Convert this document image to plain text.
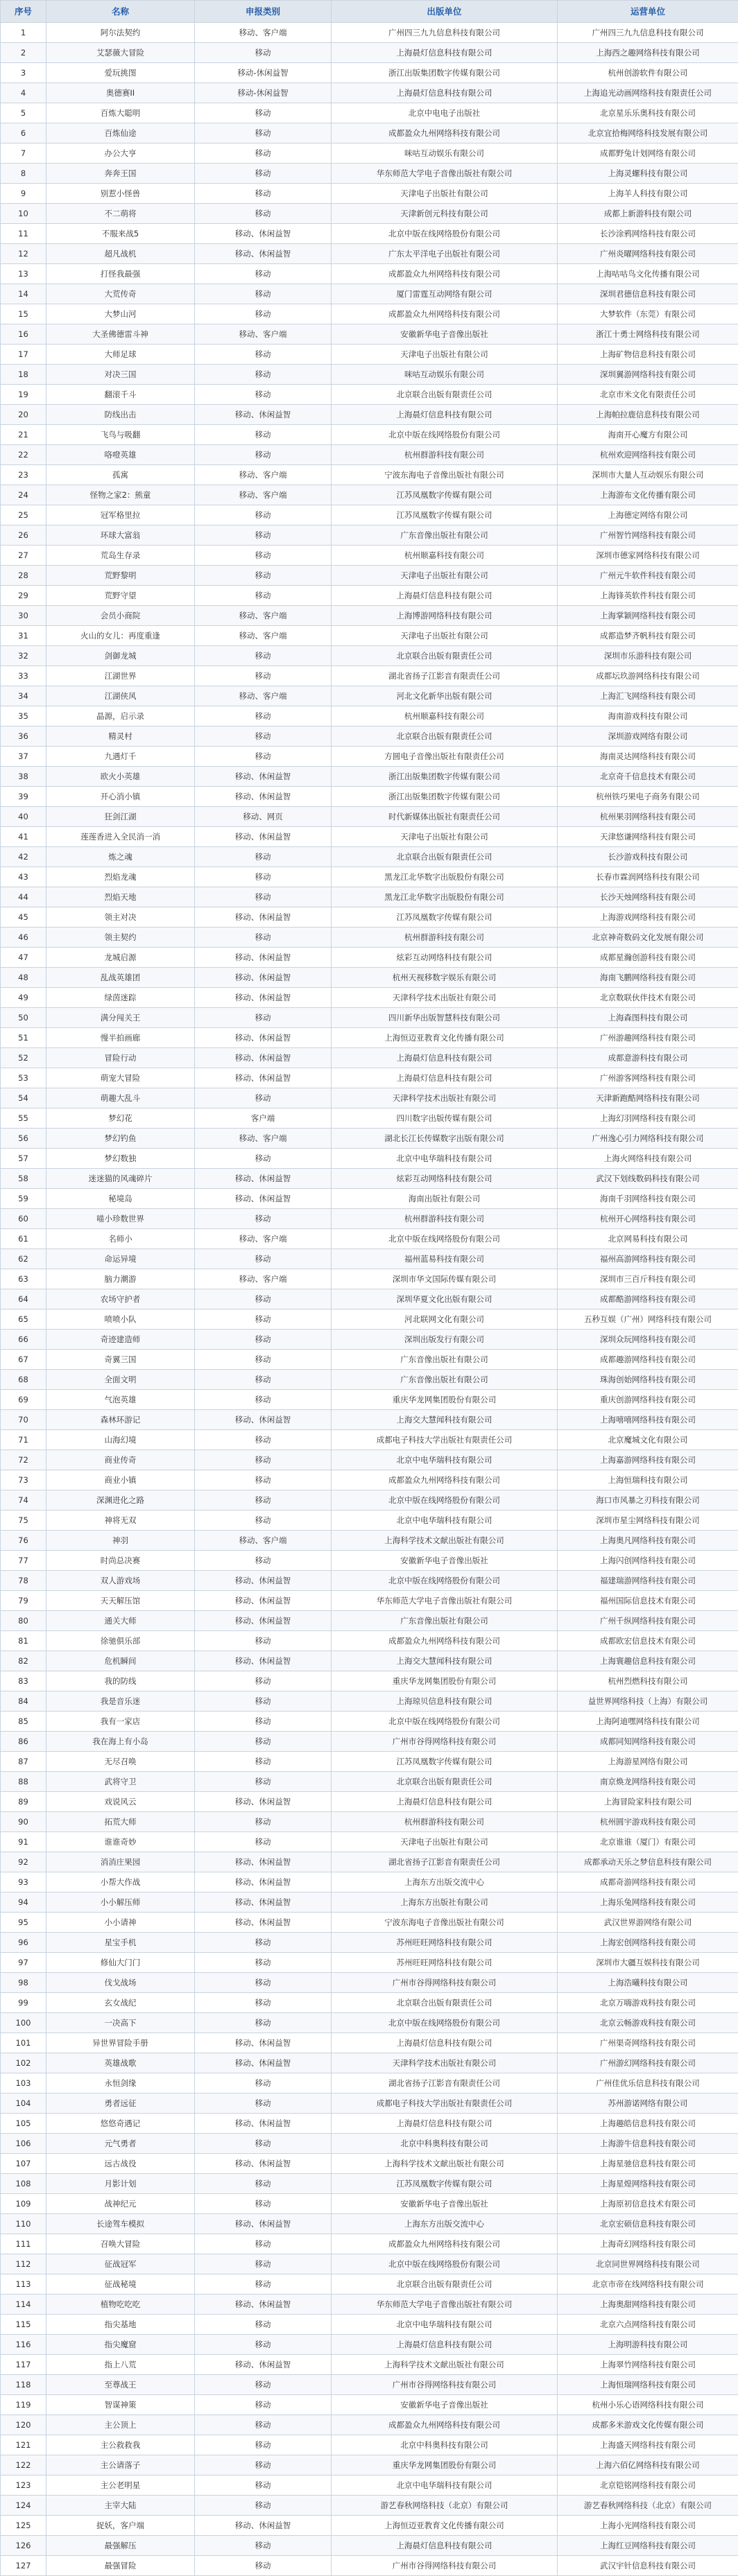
序号	名称	申报类别	出版单位	运营单位
1	阿尔法契约	移动、客户端	广州四三九九信息科技有限公司	广州四三九九信息科技有限公司
2	艾瑟薇大冒险	移动	上海晨灯信息科技有限公司	上海西之趣网络科技有限公司
3	爱玩挑图	移动-休闲益智	浙江出版集团数字传媒有限公司	杭州创游软件有限公司
4	奥德赛II	移动-休闲益智	上海晨灯信息科技有限公司	上海追光动画网络科技有限责任公司
5	百炼大聪明	移动	北京中电电子出版社	北京星乐乐奥科技有限公司
6	百炼仙途	移动	成都盈众九州网络科技有限公司	北京宜拾梅网络科技发展有限公司
7	办公大亨	移动	咪咕互动娱乐有限公司	成都野兔计划网络有限公司
8	奔奔王国	移动	华东师范大学电子音像出版社有限公司	上海灵螺科技有限公司
9	别惹小怪兽	移动	天津电子出版社有限公司	上海羊人科技有限公司
10	不二萌将	移动	天津新创元科技有限公司	成都上新游科技有限公司
11	不服来战5	移动、休闲益智	北京中版在线网络股份有限公司	长沙涂鸦网络科技有限公司
12	超凡战机	移动、休闲益智	广东太平洋电子出版社有限公司	广州炎曜网络科技有限公司
13	打怪我最强	移动	成都盈众九州网络科技有限公司	上海咕咕鸟文化传播有限公司
14	大荒传奇	移动	厦门雷霆互动网络有限公司	深圳君德信息科技有限公司
15	大梦山河	移动	成都盈众九州网络科技有限公司	大梦软件（东莞）有限公司
16	大圣佛德雷斗神	移动、客户端	安徽新华电子音像出版社	浙江十勇士网络科技有限公司
17	大师足球	移动	天津电子出版社有限公司	上海矿物信息科技有限公司
18	对决三国	移动	咪咕互动娱乐有限公司	深圳翼游网络科技有限公司
19	翻滚千斗	移动	北京联合出版有限责任公司	北京市米文化有限责任公司
20	防线出击	移动、休闲益智	上海晨灯信息科技有限公司	上海帕拉鹿信息科技有限公司
21	飞鸟与吸翻	移动	北京中版在线网络股份有限公司	海南开心魔方有限公司
22	咯噔英雄	移动	杭州群游科技有限公司	杭州欢迎网络科技有限公司
23	孤寓	移动、客户端	宁波东海电子音像出版社有限公司	深圳市大量人互动娱乐有限公司
24	怪物之家2：熊童	移动、客户端	江苏凤凰数字传媒有限公司	上海游布文化传播有限公司
25	冠军格里拉	移动	江苏凤凰数字传媒有限公司	上海德定网络有限公司
26	环球大富翁	移动	广东音像出版社有限公司	广州智竹网络科技有限公司
27	荒岛生存录	移动	杭州顺嘉科技有限公司	深圳市德家网络科技有限公司
28	荒野黎明	移动	天津电子出版社有限公司	广州元牛软件科技有限公司
29	荒野守望	移动	上海晨灯信息科技有限公司	上海锋英软件科技有限公司
30	会员小商院	移动、客户端	上海博游网络科技有限公司	上海掌颖网络科技有限公司
31	火山的女儿：再度重逢	移动、客户端	天津电子出版社有限公司	成都造梦齐帆科技有限公司
32	剑御龙城	移动	北京联合出版有限责任公司	深圳市乐游科技有限公司
33	江湖世界	移动	湖北省扬子江影音有限责任公司	成都坛玖游网络科技有限公司
34	江湖侠风	移动、客户端	河北文化新华出版有限公司	上海汇飞网络科技有限公司
35	晶源，启示录	移动	杭州顺嘉科技有限公司	海南游戏科技有限公司
36	精灵村	移动	北京联合出版有限责任公司	深圳游戏网络有限公司
37	九遇灯千	移动	方圆电子音像出版社有限责任公司	海南灵达网络科技有限公司
38	欧火小英雄	移动、休闲益智	浙江出版集团数字传媒有限公司	北京奇千信息技术有限公司
39	开心消小镇	移动、休闲益智	浙江出版集团数字传媒有限公司	杭州铁巧果电子商务有限公司
40	狂剑江湖	移动、网页	时代新媒体出版社有限责任公司	杭州果羽网络科技有限公司
41	莲莲香进入全民消一消	移动、休闲益智	天津电子出版社有限公司	天津悠谦网络科技有限公司
42	炼之魂	移动	北京联合出版有限责任公司	长沙游戏科技有限公司
43	烈焰龙魂	移动	黑龙江北华数字出版股份有限公司	长春市霖润网络科技有限公司
44	烈焰天地	移动	黑龙江北华数字出版股份有限公司	长沙天烛网络科技有限公司
45	领主对决	移动、休闲益智	江苏凤凰数字传媒有限公司	上海游戏网络科技有限公司
46	领主契约	移动	杭州群游科技有限公司	北京神奇数码文化发展有限公司
47	龙城启源	移动、休闲益智	炫彩互动网络科技有限公司	成都星瀚创游科技有限公司
48	乱战英雄团	移动、休闲益智	杭州天视移数字娱乐有限公司	海南飞鹏网络科技有限公司
49	绿茵迷踪	移动、休闲益智	天津科学技术出版社有限公司	北京数联伙伴技术有限公司
50	满分闯关王	移动	四川新华出版智慧科技有限公司	上海森图科技有限公司
51	慢半拍画廊	移动、休闲益智	上海恒迈亚教育文化传播有限公司	广州游趣网络科技有限公司
52	冒险行动	移动、休闲益智	上海晨灯信息科技有限公司	成都意游科技有限公司
53	萌宠大冒险	移动、休闲益智	上海晨灯信息科技有限公司	广州游客网络科技有限公司
54	萌趣大乱斗	移动	天津科学技术出版社有限公司	天津新跑酷网络科技有限公司
55	梦幻花	客户端	四川数字出版传媒有限公司	上海幻羽网络科技有限公司
56	梦幻钓鱼	移动、客户端	湖北长江长传媒数字出版有限公司	广州逸心引力网络科技有限公司
57	梦幻数独	移动	北京中电华瑞科技有限公司	上海火网络科技有限公司
58	迷迷猫的风魂碎片	移动、休闲益智	炫彩互动网络科技有限公司	武汉下划线数码科技有限公司
59	秘境岛	移动、休闲益智	海南出版社有限公司	海南千羽网络科技有限公司
60	喵小珍数世界	移动	杭州群游科技有限公司	杭州开心网络科技有限公司
61	名师小	移动、客户端	北京中版在线网络股份有限公司	北京网易科技有限公司
62	命运异境	移动	福州蓝易科技有限公司	福州高游网络科技有限公司
63	脑力潮游	移动、客户端	深圳市华文国际传媒有限公司	深圳市三百斤科技有限公司
64	农场守护者	移动	深圳华夏文化出版有限公司	成都酷游网络科技有限公司
65	喷喷小队	移动	河北联网文化有限公司	五秒互娱（广州）网络科技有限公司
66	奇迹建造师	移动	深圳出版发行有限公司	深圳众玩网络科技有限公司
67	奇翼三国	移动	广东音像出版社有限公司	成都趣游网络科技有限公司
68	全面文明	移动	广东音像出版社有限公司	珠海创始网络科技有限公司
69	气泡英雄	移动	重庆华龙网集团股份有限公司	重庆创游网络科技有限公司
70	森林环游记	移动、休闲益智	上海交大慧闻科技有限公司	上海嘻嘻网络科技有限公司
71	山海幻境	移动	成都电子科技大学出版社有限责任公司	北京魔城文化有限公司
72	商业传奇	移动	北京中电华瑞科技有限公司	上海嘉游网络科技有限公司
73	商业小镇	移动	成都盈众九州网络科技有限公司	上海恒瑞科技有限公司
74	深渊进化之路	移动	北京中版在线网络股份有限公司	海口市风暴之刃科技有限公司
75	神将无双	移动	北京中电华瑞科技有限公司	深圳市星尘网络科技有限公司
76	神羽	移动、客户端	上海科学技术文献出版社有限公司	上海奥凡网络科技有限公司
77	时尚总决赛	移动	安徽新华电子音像出版社	上海闪创网络科技有限公司
78	双人游戏场	移动、休闲益智	北京中版在线网络股份有限公司	福建瑞游网络科技有限公司
79	天天解压馆	移动、休闲益智	华东师范大学电子音像出版社有限公司	福州国际信息技术有限公司
80	通关大师	移动、休闲益智	广东音像出版社有限公司	广州千纵网络科技有限公司
81	徐驰俱乐部	移动	成都盈众九州网络科技有限公司	成都欧宏信息技术有限公司
82	危机瞬间	移动、休闲益智	上海交大慧闻科技有限公司	上海寰趣信息科技有限公司
83	我的防线	移动	重庆华龙网集团股份有限公司	杭州烈燃科技有限公司
84	我是音乐迷	移动	上海琼贝信息科技有限公司	益世界网络科技（上海）有限公司
85	我有一家店	移动	北京中版在线网络股份有限公司	上海阿迪嘿网络科技有限公司
86	我在海上有小岛	移动	广州市谷得网络科技有限公司	成都同知网络科技有限公司
87	无尽召唤	移动	江苏凤凰数字传媒有限公司	上海游星网络有限公司
88	武将守卫	移动	北京联合出版有限责任公司	南京焕龙网络科技有限公司
89	戏说风云	移动、休闲益智	上海晨灯信息科技有限公司	上海冒险家科技有限公司
90	拓荒大师	移动	杭州群游科技有限公司	杭州圆宇游戏科技有限公司
91	谁谁奇妙	移动	天津电子出版社有限公司	北京谁谁（厦门）有限公司
92	消消庄果园	移动、休闲益智	湖北省扬子江影音有限责任公司	成都承动天乐之梦信息科技有限公司
93	小帮大作战	移动、休闲益智	上海东方出版交流中心	成都奇游网络科技有限公司
94	小小解压师	移动、休闲益智	上海东方出版社有限公司	上海乐兔网络科技有限公司
95	小小请神	移动、休闲益智	宁波东海电子音像出版社有限公司	武汉世界游网络有限公司
96	星宝手机	移动	苏州旺旺网络科技有限公司	上海宏创网络科技有限公司
97	修仙大门门	移动	苏州旺旺网络科技有限公司	深圳市大疆互娱科技有限公司
98	伐戈战场	移动	广州市谷得网络科技有限公司	上海浩曦科技有限公司
99	玄女战纪	移动	北京联合出版有限责任公司	北京万嗨游戏科技有限公司
100	一决高下	移动	北京中版在线网络股份有限公司	北京云畅游戏科技有限公司
101	异世界冒险手册	移动、休闲益智	上海晨灯信息科技有限公司	广州渠奇网络科技有限公司
102	英雄战歌	移动、休闲益智	天津科学技术出版社有限公司	广州游幻网络科技有限公司
103	永恒剑缘	移动	湖北省扬子江影音有限责任公司	广州佳优乐信息科技有限公司
104	勇者远征	移动	成都电子科技大学出版社有限责任公司	苏州游诺网络有限公司
105	悠悠奇遇记	移动、休闲益智	上海晨灯信息科技有限公司	上海趣皓信息科技有限公司
106	元气勇者	移动	北京中科奥科技有限公司	上海游牛信息科技有限公司
107	远古战役	移动、休闲益智	上海科学技术文献出版社有限公司	上海星驰信息科技有限公司
108	月影计划	移动	江苏凤凰数字传媒有限公司	上海星煌网络科技有限公司
109	战神纪元	移动	安徽新华电子音像出版社	上海原初信息技术有限公司
110	长途驾车模拟	移动、休闲益智	上海东方出版交流中心	北京宏硕信息科技有限公司
111	召唤大冒险	移动	成都盈众九州网络科技有限公司	上海奇幻网络科技有限公司
112	征战冠军	移动	北京中版在线网络股份有限公司	北京同世界网络科技有限公司
113	征战秘境	移动	北京联合出版有限责任公司	北京市帝在线网络科技有限公司
114	植物吃吃吃	移动、休闲益智	华东师范大学电子音像出版社有限公司	上海奥甜网络科技有限公司
115	指尖基地	移动	北京中电华瑞科技有限公司	北京六点网络科技有限公司
116	指尖魔窟	移动	上海晨灯信息科技有限公司	上海明游科技有限公司
117	指上八荒	移动、休闲益智	上海科学技术文献出版社有限公司	上海翠竹网络科技有限公司
118	至尊战王	移动	广州市谷得网络科技有限公司	上海恒瑞网络科技有限公司
119	智谋神策	移动	安徽新华电子音像出版社	杭州小乐心语网络科技有限公司
120	主公顶上	移动	成都盈众九州网络科技有限公司	成都多米游戏文化传媒有限公司
121	主公救救我	移动	北京中科奥科技有限公司	上海盛天网络科技有限公司
122	主公请落子	移动	重庆华龙网集团股份有限公司	上海六佰亿网络科技有限公司
123	主公老明星	移动	北京中电华瑞科技有限公司	北京铠铭网络科技有限公司
124	主宰大陆	移动	游艺春秋网络科技（北京）有限公司	游艺春秋网络科技（北京）有限公司
125	捉妖，客户端	移动、休闲益智	上海恒迈亚教育文化传播有限公司	上海小光网络科技有限公司
126	最强解压	移动	上海晨灯信息科技有限公司	上海红豆网络科技有限公司
127	最强冒险	移动	广州市谷得网络科技有限公司	武汉宇针信息科技有限公司
